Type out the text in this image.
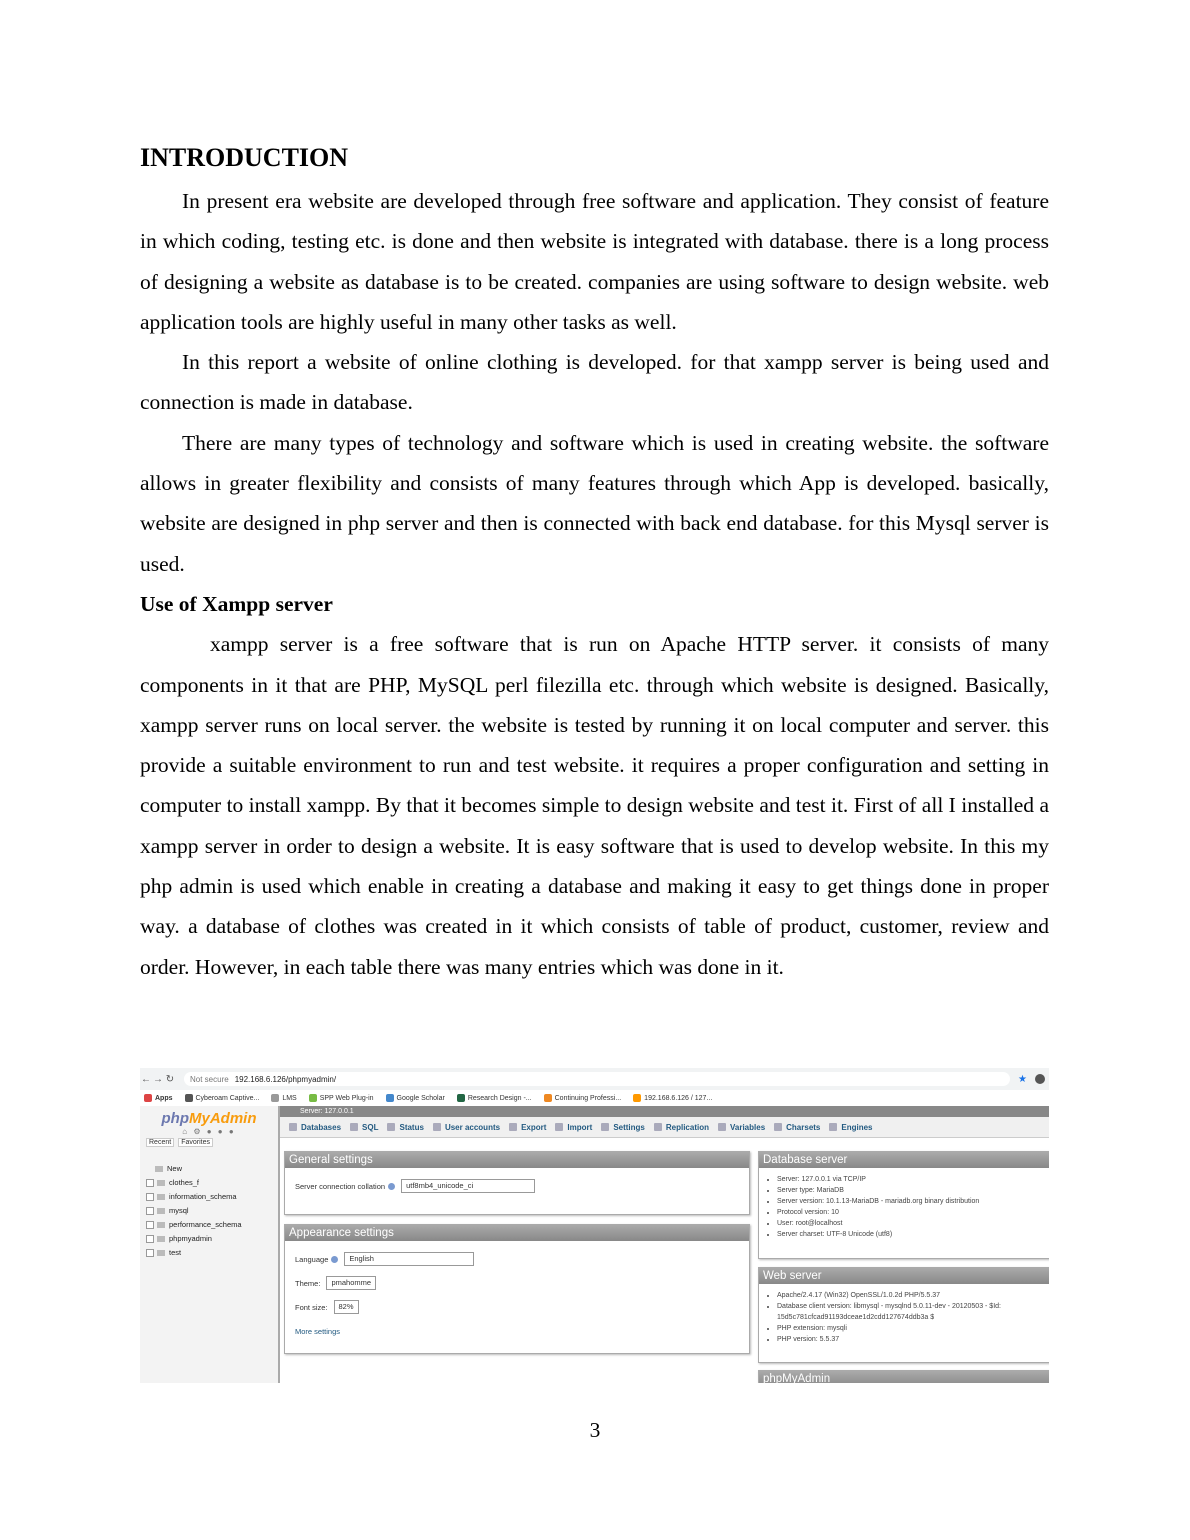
INTRODUCTION

In present era website are developed through free software and application. They consist of feature in which coding, testing etc. is done and then website is integrated with database. there is a long process of designing a website as database is to be created. companies are using software to design website. web application tools are highly useful in many other tasks as well.

In this report a website of online clothing is developed. for that xampp server is being used and connection is made in database.

There are many types of technology and software which is used in creating website. the software allows in greater flexibility and consists of many features through which App is developed. basically, website are designed in php server and then is connected with back end database. for this Mysql server is used.

Use of Xampp server

xampp server is a free software that is run on Apache HTTP server. it consists of many components in it that are PHP, MySQL perl filezilla etc. through which website is designed. Basically, xampp server runs on local server. the website is tested by running it on local computer and server. this provide a suitable environment to run and test website. it requires a proper configuration and setting in computer to install xampp. By that it becomes simple to design website and test it. First of all I installed a xampp server in order to design a website. It is easy software that is used to develop website. In this my php admin is used which enable in creating a database and making it easy to get things done in proper way. a database of clothes was created in it which consists of table of product, customer, review and order. However, in each table there was many entries which was done in it.

← → ↻ Not secure 192.168.6.126/phpmyadmin/	★
Apps	Cyberoam Captive...	LMS	SPP Web Plug-in	Google Scholar	Research Design -...	Continuing Professi...	192.168.6.126 / 127...
phpMyAdmin
⌂ ⚙ ● ● ●
Recent Favorites
New
clothes_f
information_schema
mysql
performance_schema
phpmyadmin
test
Server: 127.0.0.1
Databases	SQL	Status	User accounts	Export	Import	Settings	Replication	Variables	Charsets	Engines
General settings
Server connection collation	utf8mb4_unicode_ci
Appearance settings
Language	English
Theme:	pmahomme
Font size:	82%
More settings
Database server
• Server: 127.0.0.1 via TCP/IP
• Server type: MariaDB
• Server version: 10.1.13-MariaDB - mariadb.org binary distribution
• Protocol version: 10
• User: root@localhost
• Server charset: UTF-8 Unicode (utf8)
Web server
• Apache/2.4.17 (Win32) OpenSSL/1.0.2d PHP/5.5.37
• Database client version: libmysql - mysqlnd 5.0.11-dev - 20120503 - $Id: 15d5c781cfcad91193dceae1d2cdd127674ddb3a $
• PHP extension: mysqli
• PHP version: 5.5.37
phpMyAdmin
3
